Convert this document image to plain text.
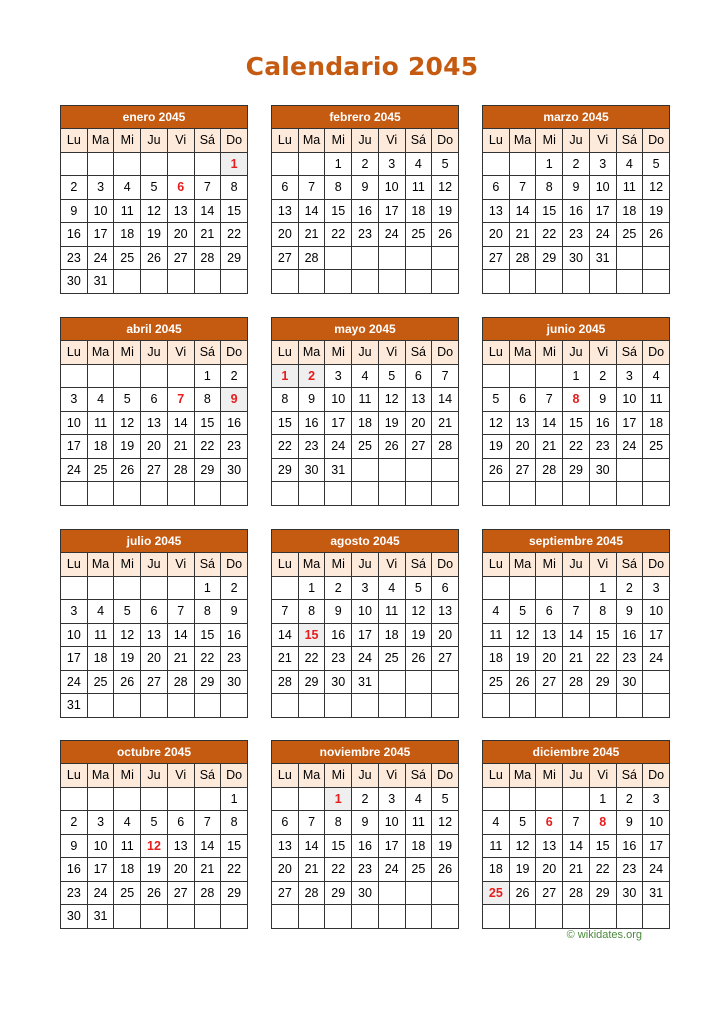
Calendario 2045
enero 2045						
Lu	Ma	Mi	Ju	Vi	Sá	Do
						1
2	3	4	5	6	7	8
9	10	11	12	13	14	15
16	17	18	19	20	21	22
23	24	25	26	27	28	29
30	31					
febrero 2045						
Lu	Ma	Mi	Ju	Vi	Sá	Do
		1	2	3	4	5
6	7	8	9	10	11	12
13	14	15	16	17	18	19
20	21	22	23	24	25	26
27	28					

marzo 2045						
Lu	Ma	Mi	Ju	Vi	Sá	Do
		1	2	3	4	5
6	7	8	9	10	11	12
13	14	15	16	17	18	19
20	21	22	23	24	25	26
27	28	29	30	31		

abril 2045						
Lu	Ma	Mi	Ju	Vi	Sá	Do
					1	2
3	4	5	6	7	8	9
10	11	12	13	14	15	16
17	18	19	20	21	22	23
24	25	26	27	28	29	30

mayo 2045						
Lu	Ma	Mi	Ju	Vi	Sá	Do
1	2	3	4	5	6	7
8	9	10	11	12	13	14
15	16	17	18	19	20	21
22	23	24	25	26	27	28
29	30	31				

junio 2045						
Lu	Ma	Mi	Ju	Vi	Sá	Do
			1	2	3	4
5	6	7	8	9	10	11
12	13	14	15	16	17	18
19	20	21	22	23	24	25
26	27	28	29	30		

julio 2045						
Lu	Ma	Mi	Ju	Vi	Sá	Do
					1	2
3	4	5	6	7	8	9
10	11	12	13	14	15	16
17	18	19	20	21	22	23
24	25	26	27	28	29	30
31						
agosto 2045						
Lu	Ma	Mi	Ju	Vi	Sá	Do
	1	2	3	4	5	6
7	8	9	10	11	12	13
14	15	16	17	18	19	20
21	22	23	24	25	26	27
28	29	30	31			

septiembre 2045						
Lu	Ma	Mi	Ju	Vi	Sá	Do
				1	2	3
4	5	6	7	8	9	10
11	12	13	14	15	16	17
18	19	20	21	22	23	24
25	26	27	28	29	30	

octubre 2045						
Lu	Ma	Mi	Ju	Vi	Sá	Do
						1
2	3	4	5	6	7	8
9	10	11	12	13	14	15
16	17	18	19	20	21	22
23	24	25	26	27	28	29
30	31					
noviembre 2045						
Lu	Ma	Mi	Ju	Vi	Sá	Do
		1	2	3	4	5
6	7	8	9	10	11	12
13	14	15	16	17	18	19
20	21	22	23	24	25	26
27	28	29	30			

diciembre 2045						
Lu	Ma	Mi	Ju	Vi	Sá	Do
				1	2	3
4	5	6	7	8	9	10
11	12	13	14	15	16	17
18	19	20	21	22	23	24
25	26	27	28	29	30	31

© wikidates.org
